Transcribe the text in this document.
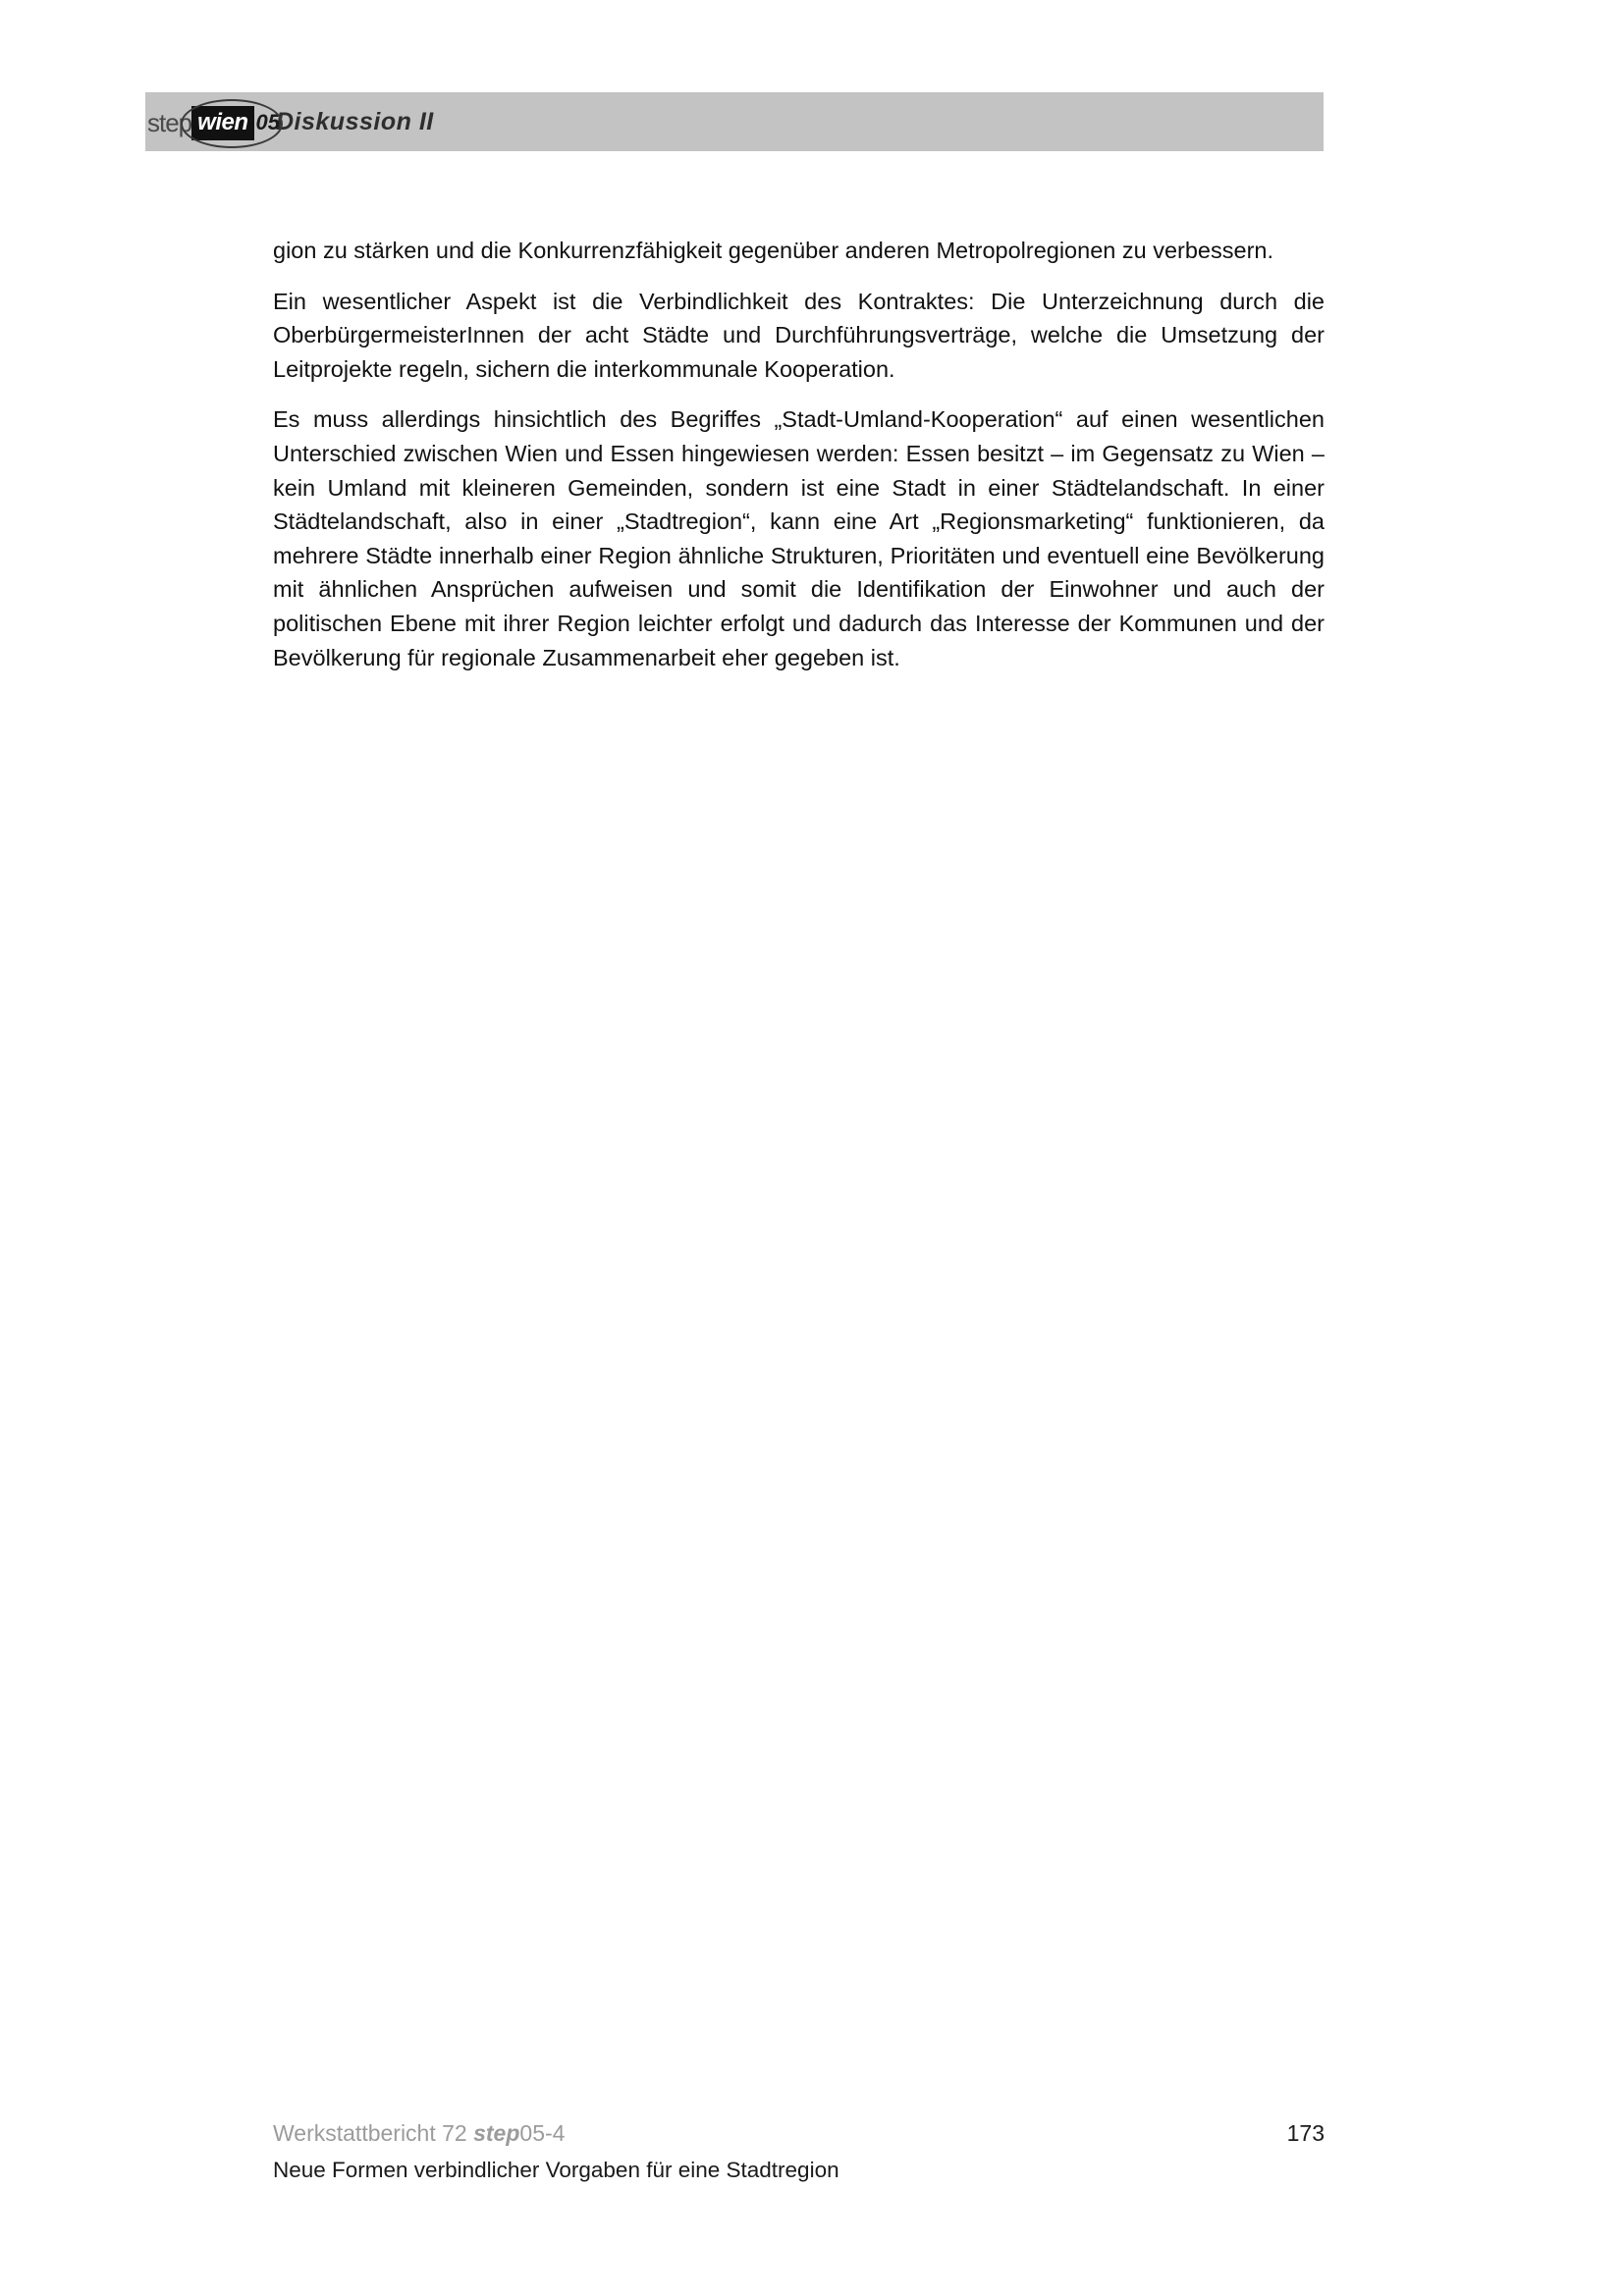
Diskussion II
step wien 05

gion zu stärken und die Konkurrenzfähigkeit gegenüber anderen Metropolregionen zu verbessern.

Ein wesentlicher Aspekt ist die Verbindlichkeit des Kontraktes: Die Unterzeichnung durch die OberbürgermeisterInnen der acht Städte und Durchführungsverträge, welche die Umsetzung der Leitprojekte regeln, sichern die interkommunale Kooperation.

Es muss allerdings hinsichtlich des Begriffes „Stadt-Umland-Kooperation“ auf einen wesentlichen Unterschied zwischen Wien und Essen hingewiesen werden: Essen besitzt – im Gegensatz zu Wien – kein Umland mit kleineren Gemeinden, sondern ist eine Stadt in einer Städtelandschaft. In einer Städtelandschaft, also in einer „Stadtregion“, kann eine Art „Regionsmarketing“ funktionieren, da mehrere Städte innerhalb einer Region ähnliche Strukturen, Prioritäten und eventuell eine Bevölkerung mit ähnlichen Ansprüchen aufweisen und somit die Identifikation der Einwohner und auch der politischen Ebene mit ihrer Region leichter erfolgt und dadurch das Interesse der Kommunen und der Bevölkerung für regionale Zusammenarbeit eher gegeben ist.

Werkstattbericht 72 step05-4	173
Neue Formen verbindlicher Vorgaben für eine Stadtregion
